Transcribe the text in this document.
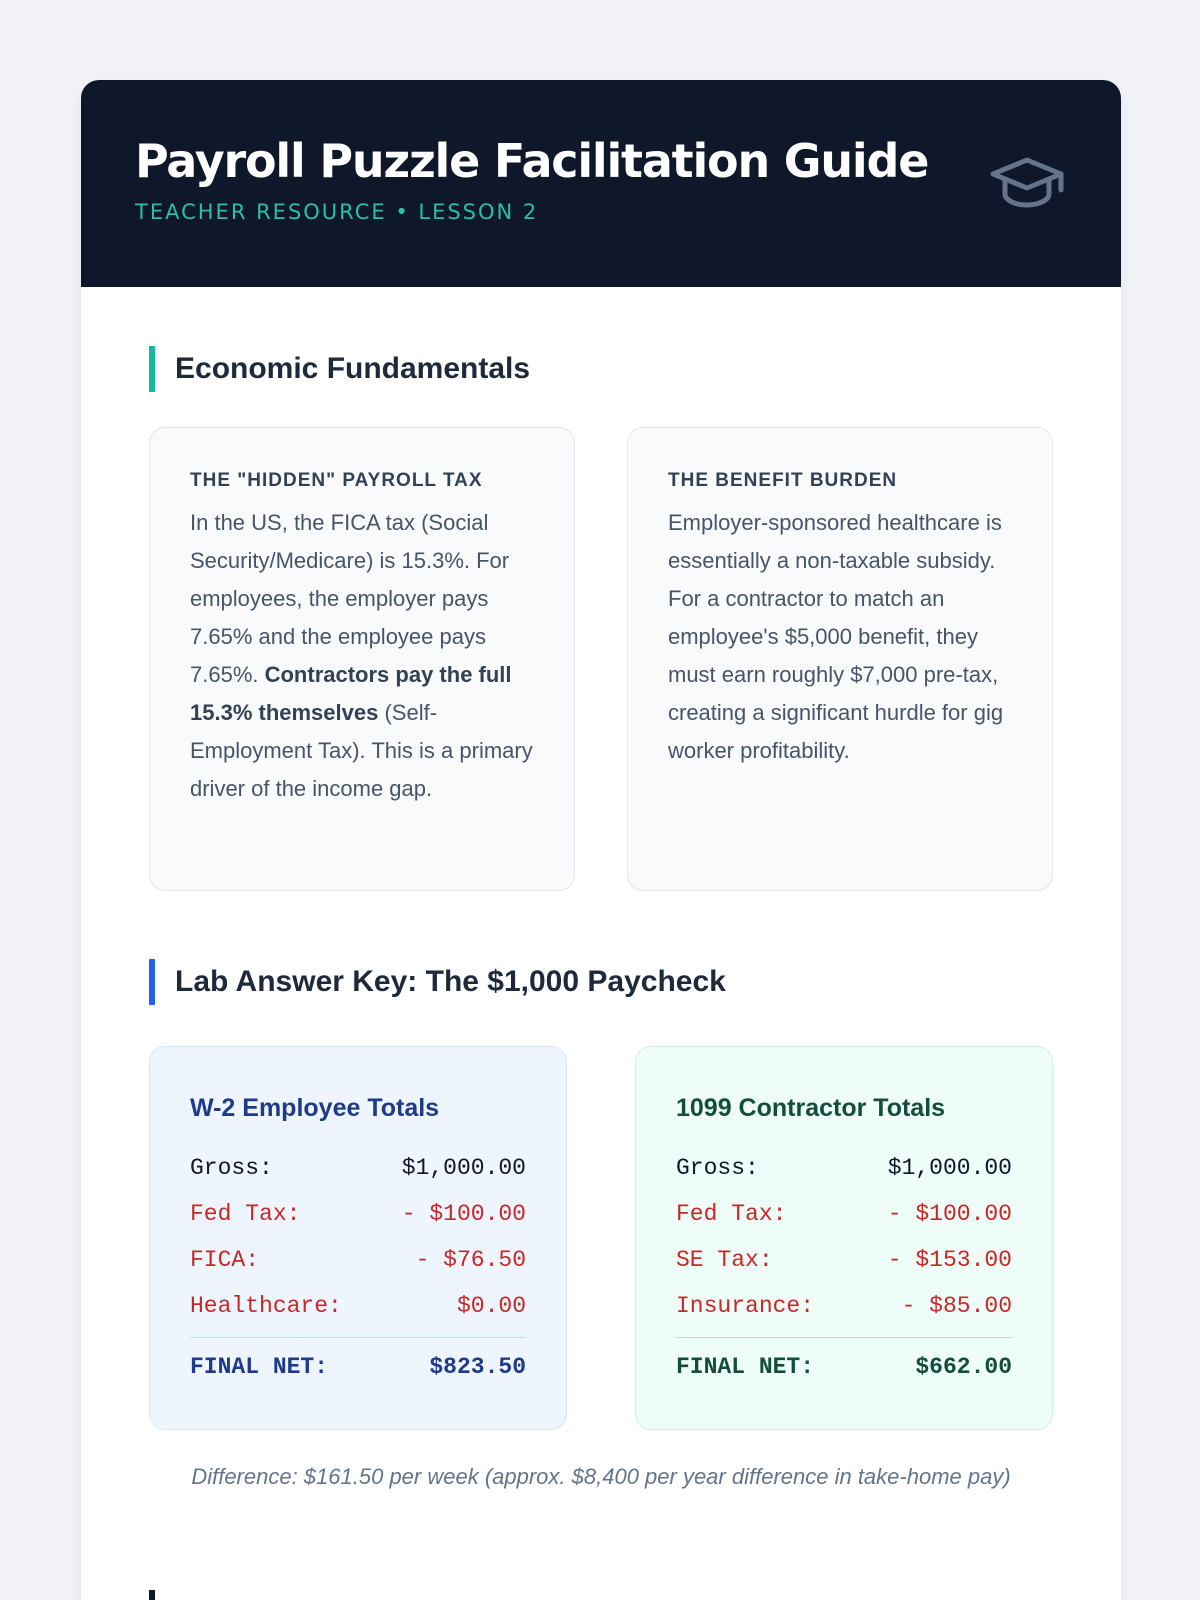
Payroll Puzzle Facilitation Guide
TEACHER RESOURCE • LESSON 2
Economic Fundamentals
THE "HIDDEN" PAYROLL TAX
In the US, the FICA tax (Social Security/Medicare) is 15.3%. For employees, the employer pays 7.65% and the employee pays 7.65%. Contractors pay the full 15.3% themselves (Self-Employment Tax). This is a primary driver of the income gap.
THE BENEFIT BURDEN
Employer-sponsored healthcare is essentially a non-taxable subsidy. For a contractor to match an employee's $5,000 benefit, they must earn roughly $7,000 pre-tax, creating a significant hurdle for gig worker profitability.
Lab Answer Key: The $1,000 Paycheck
W-2 Employee Totals
Gross:	$1,000.00
Fed Tax:	- $100.00
FICA:	- $76.50
Healthcare:	$0.00
FINAL NET:	$823.50
1099 Contractor Totals
Gross:	$1,000.00
Fed Tax:	- $100.00
SE Tax:	- $153.00
Insurance:	- $85.00
FINAL NET:	$662.00
Difference: $161.50 per week (approx. $8,400 per year difference in take-home pay)
